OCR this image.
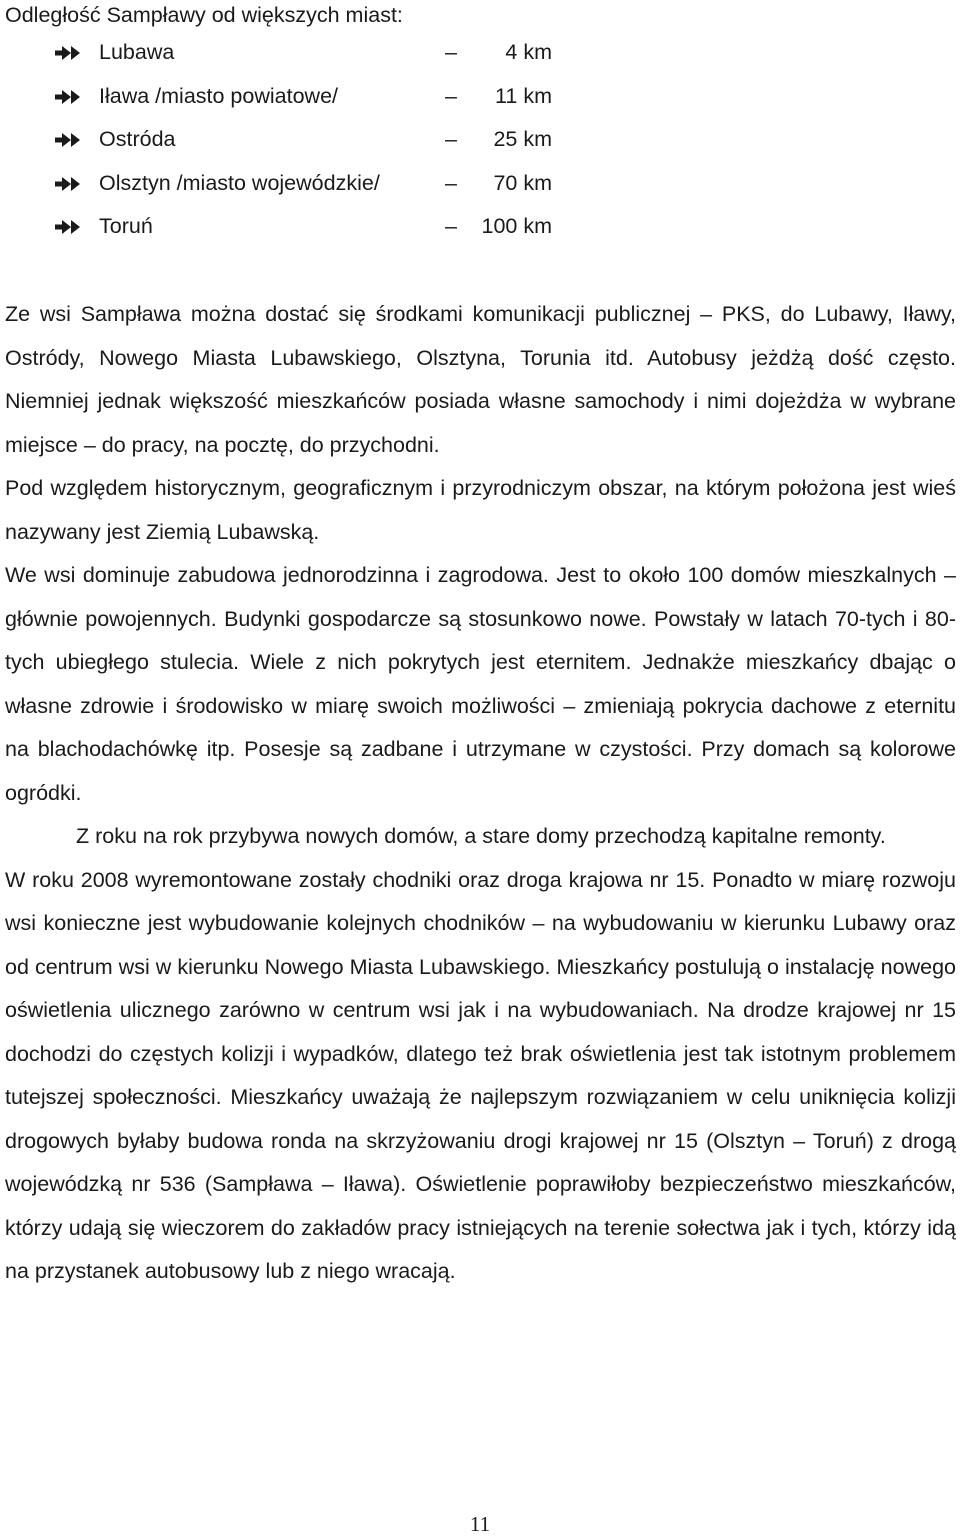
Odległość Sampławy od większych miast:
Lubawa	– 4 km
Iława /miasto powiatowe/	– 11 km
Ostróda	– 25 km
Olsztyn /miasto wojewódzkie/	– 70 km
Toruń	– 100 km

Ze wsi Sampława można dostać się środkami komunikacji publicznej – PKS, do Lubawy, Iławy, Ostródy, Nowego Miasta Lubawskiego, Olsztyna, Torunia itd. Autobusy jeżdżą dość często. Niemniej jednak większość mieszkańców posiada własne samochody i nimi dojeżdża w wybrane miejsce – do pracy, na pocztę, do przychodni.

Pod względem historycznym, geograficznym i przyrodniczym obszar, na którym położona jest wieś nazywany jest Ziemią Lubawską.

We wsi dominuje zabudowa jednorodzinna i zagrodowa. Jest to około 100 domów mieszkalnych – głównie powojennych. Budynki gospodarcze są stosunkowo nowe. Powstały w latach 70-tych i 80-tych ubiegłego stulecia. Wiele z nich pokrytych jest eternitem. Jednakże mieszkańcy dbając o własne zdrowie i środowisko w miarę swoich możliwości – zmieniają pokrycia dachowe z eternitu na blachodachówkę itp. Posesje są zadbane i utrzymane w czystości. Przy domach są kolorowe ogródki.

Z roku na rok przybywa nowych domów, a stare domy przechodzą kapitalne remonty.

W roku 2008 wyremontowane zostały chodniki oraz droga krajowa nr 15. Ponadto w miarę rozwoju wsi konieczne jest wybudowanie kolejnych chodników – na wybudowaniu w kierunku Lubawy oraz od centrum wsi w kierunku Nowego Miasta Lubawskiego. Mieszkańcy postulują o instalację nowego oświetlenia ulicznego zarówno w centrum wsi jak i na wybudowaniach. Na drodze krajowej nr 15 dochodzi do częstych kolizji i wypadków, dlatego też brak oświetlenia jest tak istotnym problemem tutejszej społeczności. Mieszkańcy uważają że najlepszym rozwiązaniem w celu uniknięcia kolizji drogowych byłaby budowa ronda na skrzyżowaniu drogi krajowej nr 15 (Olsztyn – Toruń) z drogą wojewódzką nr 536 (Sampława – Iława). Oświetlenie poprawiłoby bezpieczeństwo mieszkańców, którzy udają się wieczorem do zakładów pracy istniejących na terenie sołectwa jak i tych, którzy idą na przystanek autobusowy lub z niego wracają.

11
